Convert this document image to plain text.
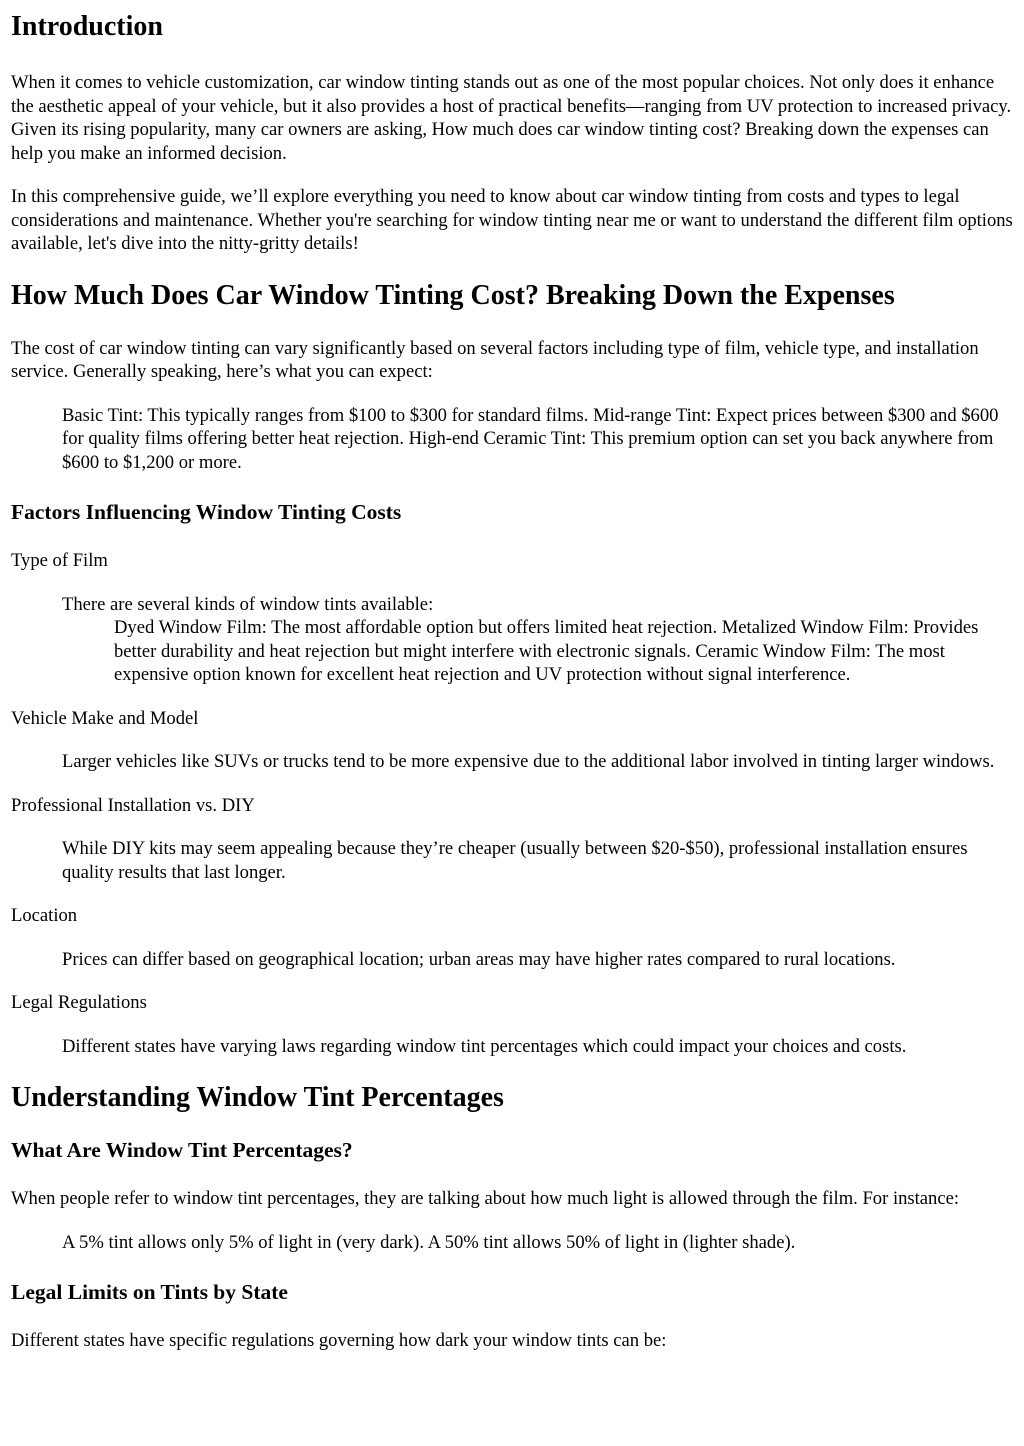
Introduction

When it comes to vehicle customization, car window tinting stands out as one of the most popular choices. Not only does it enhance the aesthetic appeal of your vehicle, but it also provides a host of practical benefits—ranging from UV protection to increased privacy. Given its rising popularity, many car owners are asking, How much does car window tinting cost? Breaking down the expenses can help you make an informed decision.

In this comprehensive guide, we’ll explore everything you need to know about car window tinting from costs and types to legal considerations and maintenance. Whether you're searching for window tinting near me or want to understand the different film options available, let's dive into the nitty-gritty details!

How Much Does Car Window Tinting Cost? Breaking Down the Expenses

The cost of car window tinting can vary significantly based on several factors including type of film, vehicle type, and installation service. Generally speaking, here’s what you can expect:

Basic Tint: This typically ranges from $100 to $300 for standard films. Mid-range Tint: Expect prices between $300 and $600 for quality films offering better heat rejection. High-end Ceramic Tint: This premium option can set you back anywhere from $600 to $1,200 or more.

Factors Influencing Window Tinting Costs

Type of Film

There are several kinds of window tints available:

Dyed Window Film: The most affordable option but offers limited heat rejection. Metalized Window Film: Provides better durability and heat rejection but might interfere with electronic signals. Ceramic Window Film: The most expensive option known for excellent heat rejection and UV protection without signal interference.

Vehicle Make and Model

Larger vehicles like SUVs or trucks tend to be more expensive due to the additional labor involved in tinting larger windows.

Professional Installation vs. DIY

While DIY kits may seem appealing because they’re cheaper (usually between $20-$50), professional installation ensures quality results that last longer.

Location

Prices can differ based on geographical location; urban areas may have higher rates compared to rural locations.

Legal Regulations

Different states have varying laws regarding window tint percentages which could impact your choices and costs.

Understanding Window Tint Percentages
What Are Window Tint Percentages?

When people refer to window tint percentages, they are talking about how much light is allowed through the film. For instance:

A 5% tint allows only 5% of light in (very dark). A 50% tint allows 50% of light in (lighter shade).

Legal Limits on Tints by State

Different states have specific regulations governing how dark your window tints can be:
